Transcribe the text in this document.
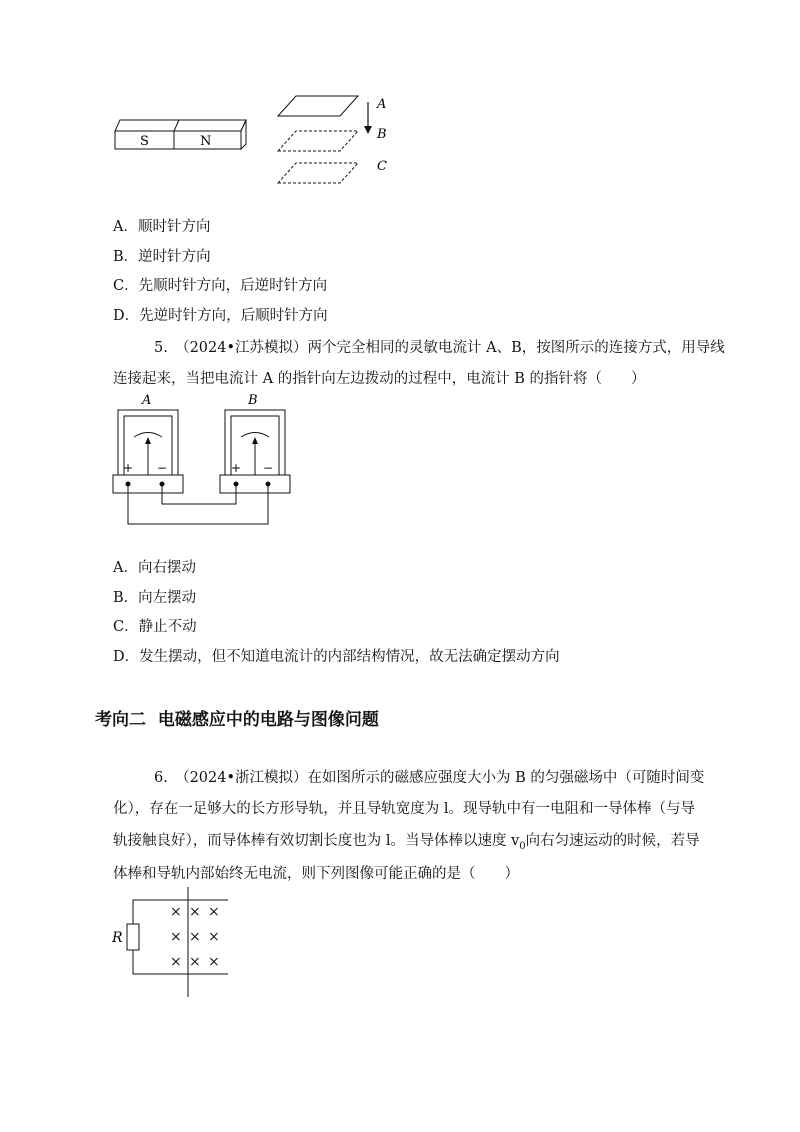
S	N
A
B
C
A．顺时针方向
B．逆时针方向
C．先顺时针方向，后逆时针方向
D．先逆时针方向，后顺时针方向
5.　（2024•江苏模拟）两个完全相同的灵敏电流计 A、B，按图所示的连接方式，用导线
连接起来，当把电流计 A 的指针向左边拨动的过程中，电流计 B 的指针将（　　）
A	B
+ −	+ −
A．向右摆动
B．向左摆动
C．静止不动
D．发生摆动，但不知道电流计的内部结构情况，故无法确定摆动方向
考向二  电磁感应中的电路与图像问题
6.　（2024•浙江模拟）在如图所示的磁感应强度大小为 B 的匀强磁场中（可随时间变
化），存在一足够大的长方形导轨，并且导轨宽度为 l。现导轨中有一电阻和一导体棒（与导
轨接触良好），而导体棒有效切割长度也为 l。当导体棒以速度 $v_0$向右匀速运动的时候，若导
体棒和导轨内部始终无电流，则下列图像可能正确的是（　　）
R
× × ×
× × ×
× × ×
